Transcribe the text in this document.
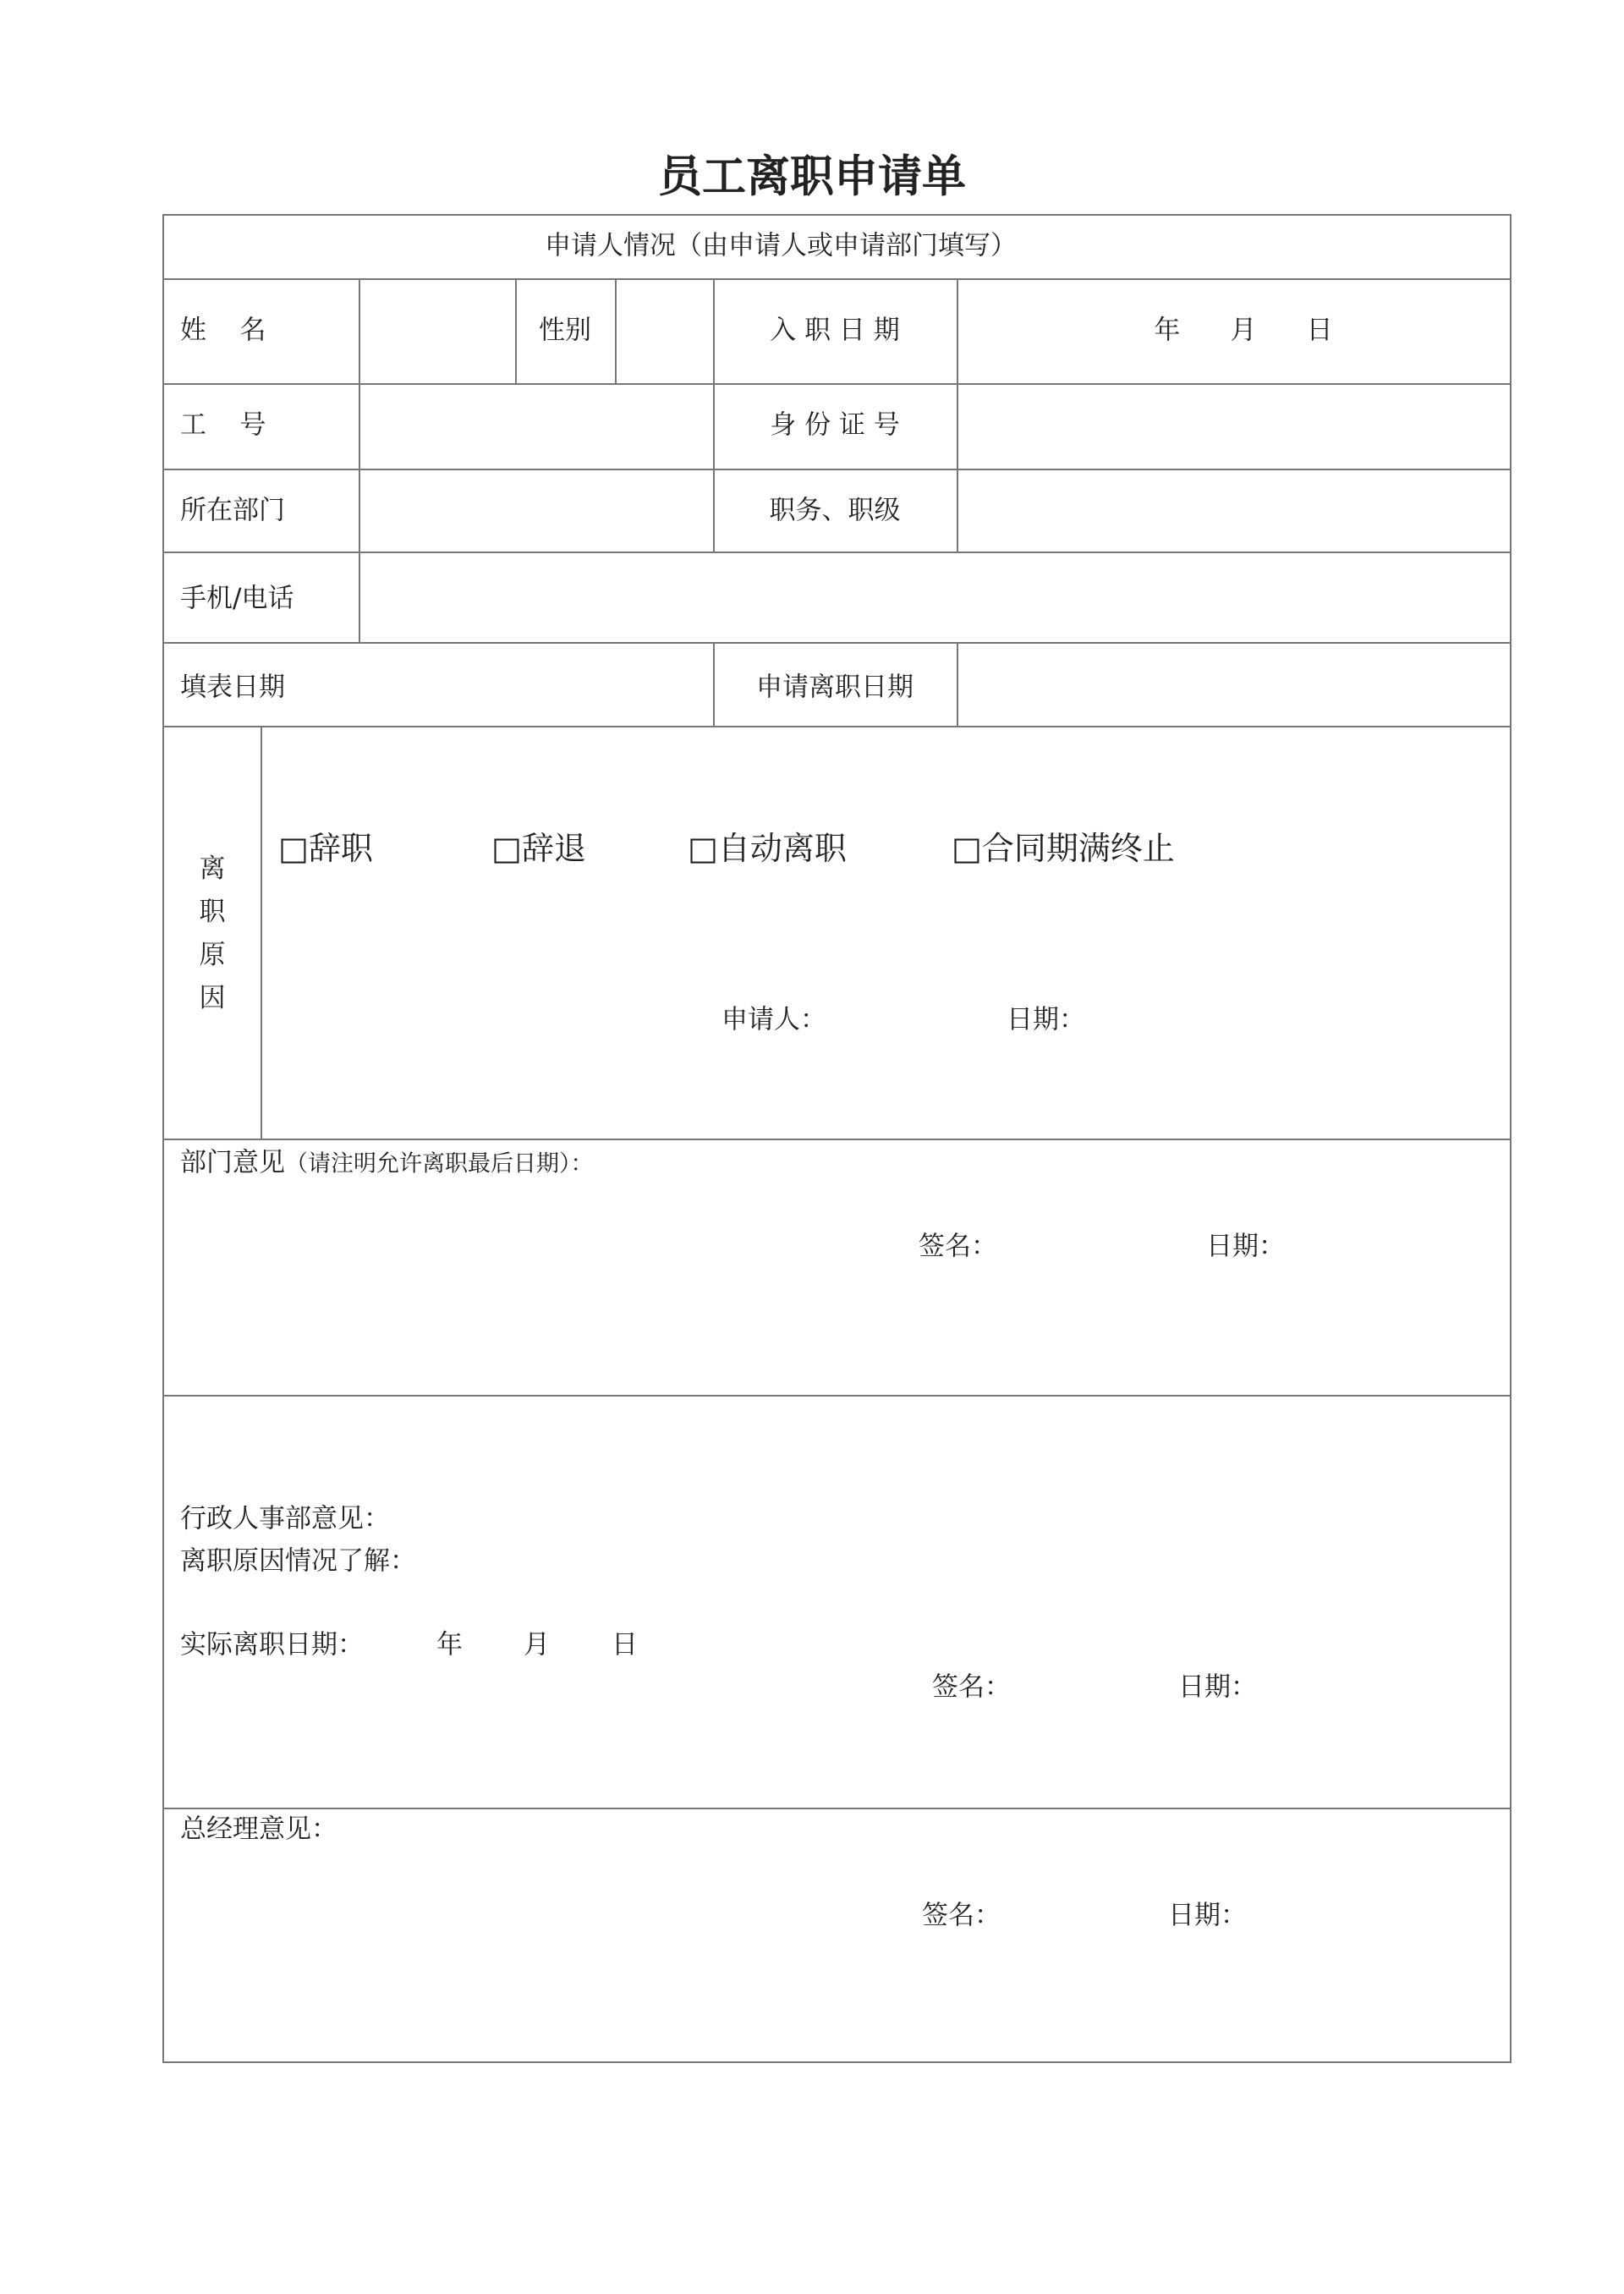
员工离职申请单
申请人情况（由申请人或申请部门填写）
姓    名	性别	入 职 日 期	年      月      日
工    号	身 份 证 号
所在部门	职务、职级
手机/电话
填表日期	申请离职日期
离职原因
□辞职	□辞退	□自动离职	□合同期满终止
申请人：	日期：
部门意见（请注明允许离职最后日期）：
签名：	日期：
行政人事部意见：
离职原因情况了解：
实际离职日期：	年 月 日
签名：	日期：
总经理意见：
签名：	日期：
